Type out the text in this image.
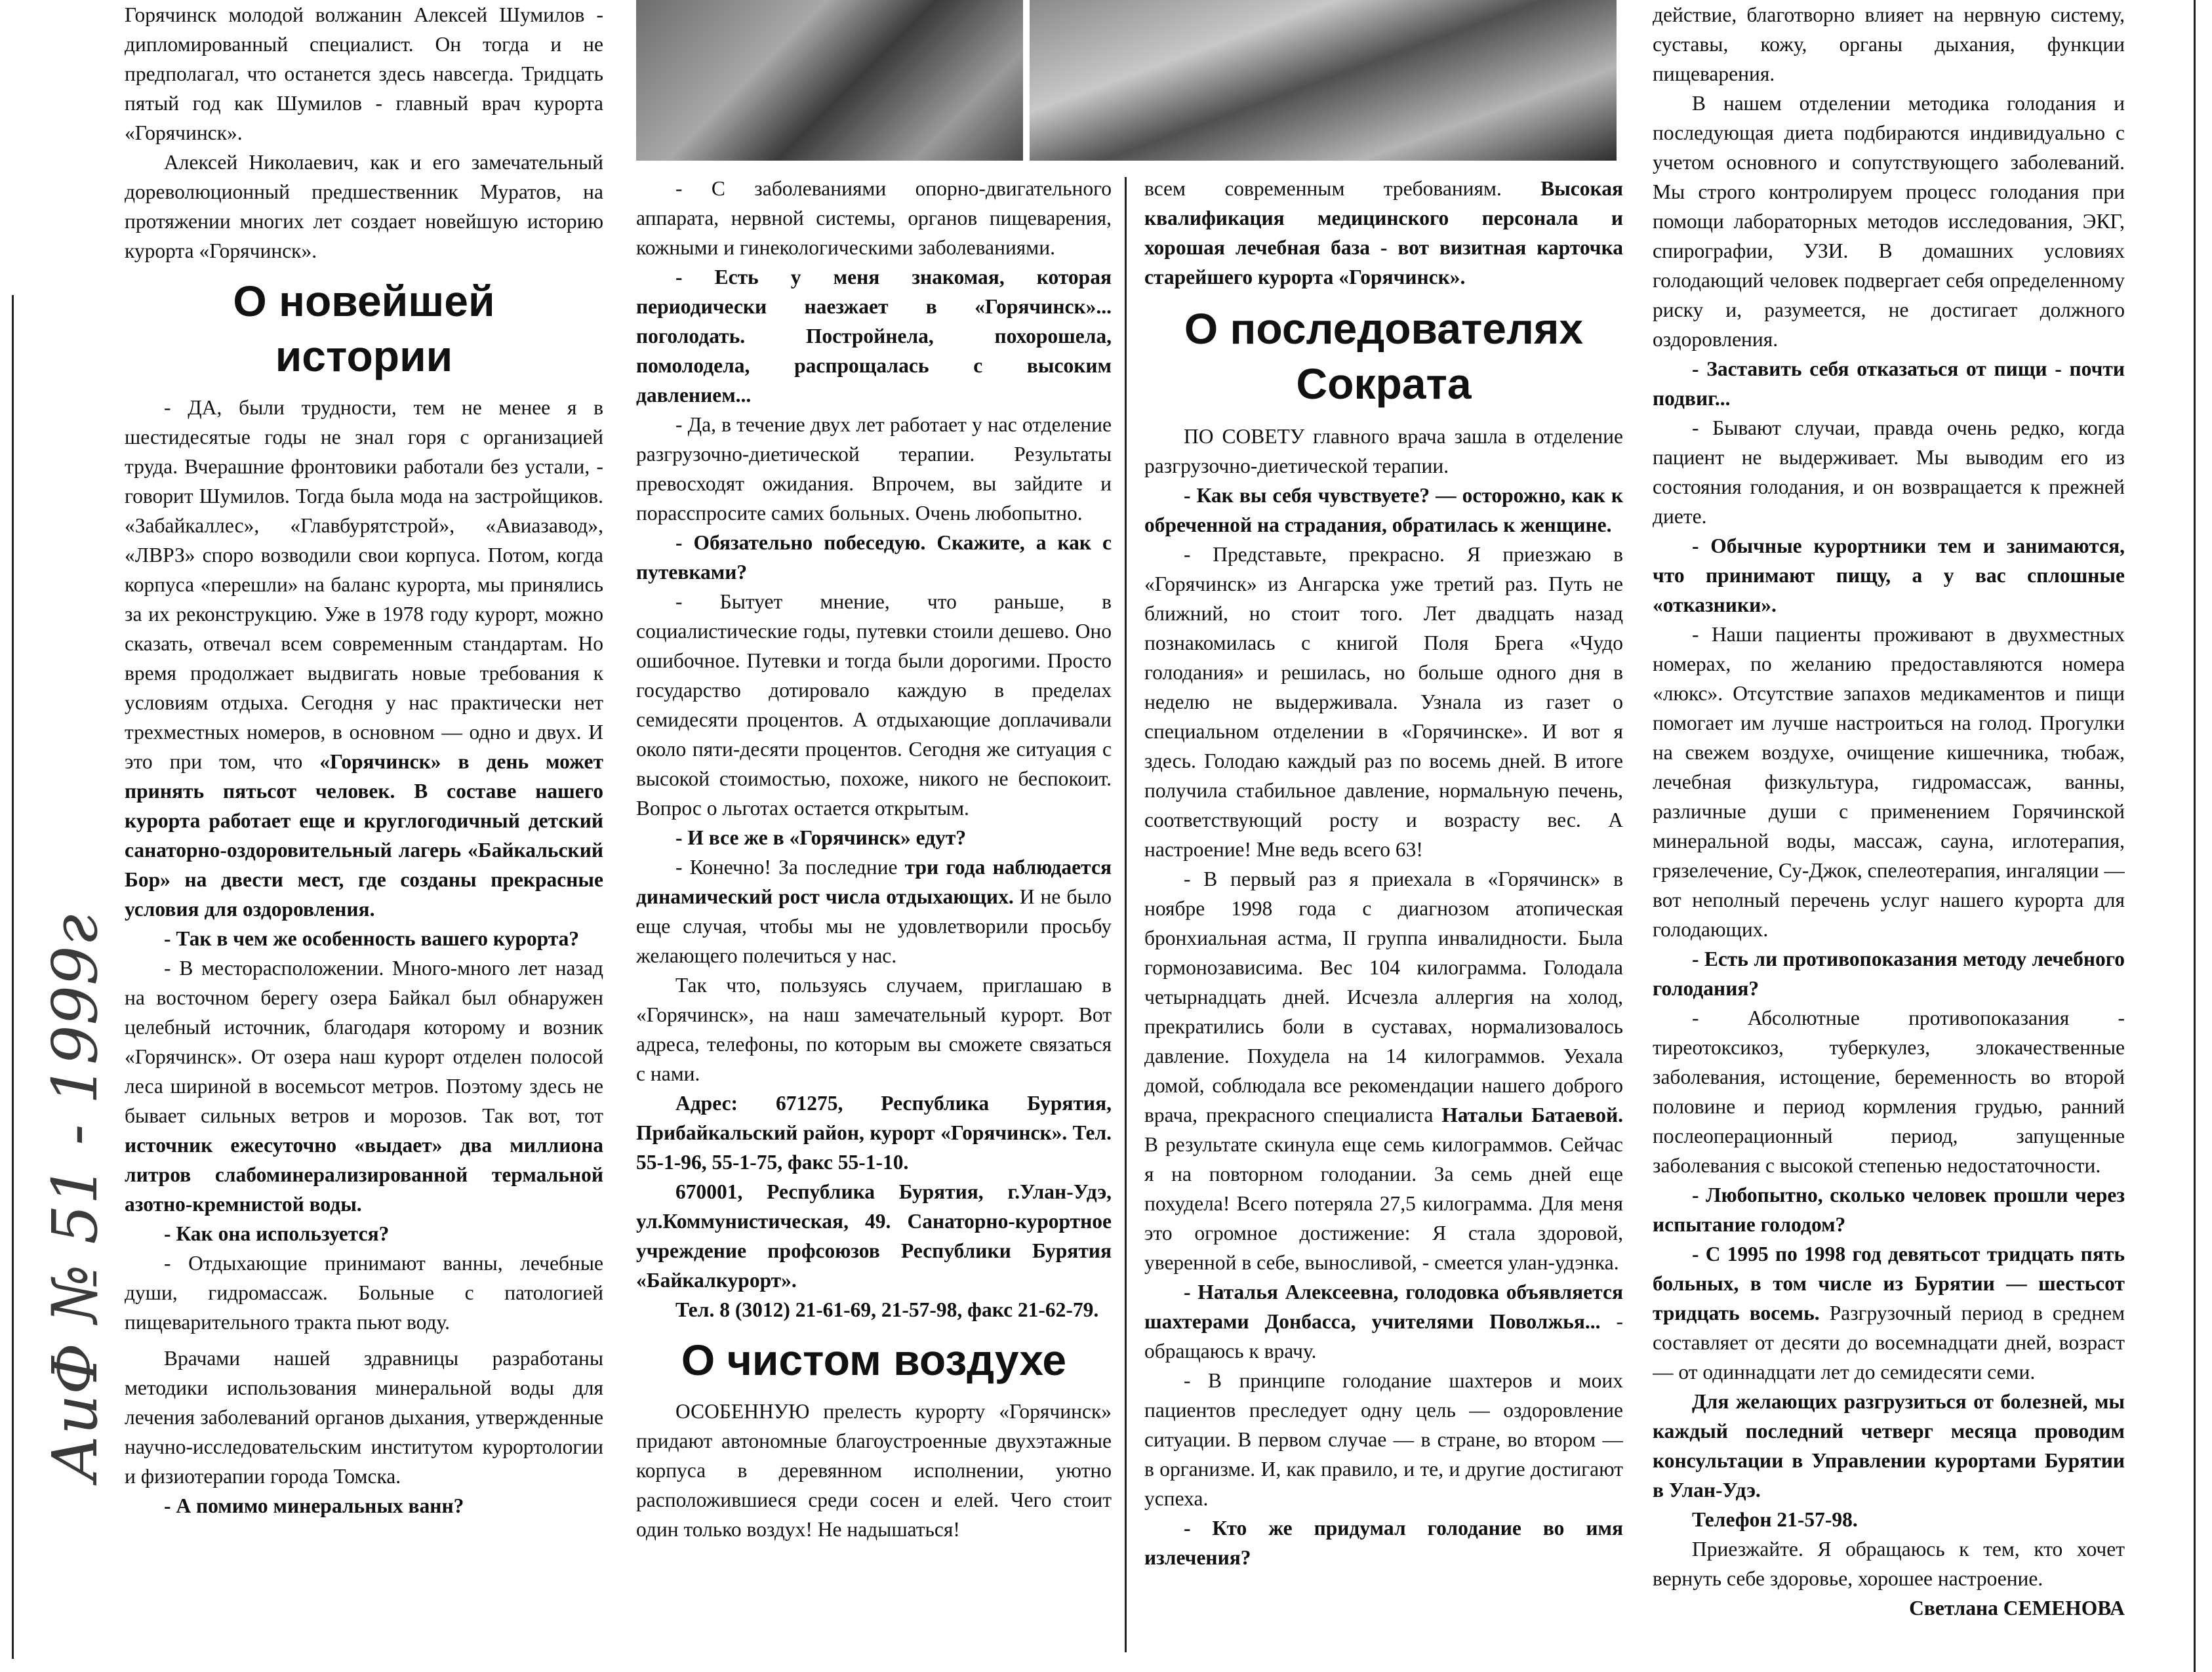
АиФ № 51 - 1999г

Горячинск молодой волжанин Алексей Шумилов - дипломированный специалист. Он тогда и не предполагал, что останется здесь навсегда. Тридцать пятый год как Шумилов - главный врач курорта «Горячинск».

Алексей Николаевич, как и его замечательный дореволюционный предшественник Муратов, на протяжении многих лет создает новейшую историю курорта «Горячинск».

О новейшей истории

- ДА, были трудности, тем не менее я в шестидесятые годы не знал горя с организацией труда. Вчерашние фронтовики работали без устали, - говорит Шумилов. Тогда была мода на застройщиков. «Забайкаллес», «Главбурятстрой», «Авиазавод», «ЛВРЗ» споро возводили свои корпуса. Потом, когда корпуса «перешли» на баланс курорта, мы принялись за их реконструкцию. Уже в 1978 году курорт, можно сказать, отвечал всем современным стандартам. Но время продолжает выдвигать новые требования к условиям отдыха. Сегодня у нас практически нет трехместных номеров, в основном — одно и двух. И это при том, что «Горячинск» в день может принять пятьсот человек. В составе нашего курорта работает еще и круглогодичный детский санаторно-оздоровительный лагерь «Байкальский Бор» на двести мест, где созданы прекрасные условия для оздоровления.

- Так в чем же особенность вашего курорта?

- В месторасположении. Много-много лет назад на восточном берегу озера Байкал был обнаружен целебный источник, благодаря которому и возник «Горячинск». От озера наш курорт отделен полосой леса шириной в восемьсот метров. Поэтому здесь не бывает сильных ветров и морозов. Так вот, тот источник ежесуточно «выдает» два миллиона литров слабоминерализированной термальной азотно-кремнистой воды.

- Как она используется?

- Отдыхающие принимают ванны, лечебные души, гидромассаж. Больные с патологией пищеварительного тракта пьют воду.

Врачами нашей здравницы разработаны методики использования минеральной воды для лечения заболеваний органов дыхания, утвержденные научно-исследовательским институтом курортологии и физиотерапии города Томска.

- А помимо минеральных ванн?

- С заболеваниями опорно-двигательного аппарата, нервной системы, органов пищеварения, кожными и гинекологическими заболеваниями.

- Есть у меня знакомая, которая периодически наезжает в «Горячинск»... поголодать. Постройнела, похорошела, помолодела, распрощалась с высоким давлением...

- Да, в течение двух лет работает у нас отделение разгрузочно-диетической терапии. Результаты превосходят ожидания. Впрочем, вы зайдите и порасспросите самих больных. Очень любопытно.

- Обязательно побеседую. Скажите, а как с путевками?

- Бытует мнение, что раньше, в социалистические годы, путевки стоили дешево. Оно ошибочное. Путевки и тогда были дорогими. Просто государство дотировало каждую в пределах семидесяти процентов. А отдыхающие доплачивали около пяти-десяти процентов. Сегодня же ситуация с высокой стоимостью, похоже, никого не беспокоит. Вопрос о льготах остается открытым.

- И все же в «Горячинск» едут?

- Конечно! За последние три года наблюдается динамический рост числа отдыхающих. И не было еще случая, чтобы мы не удовлетворили просьбу желающего полечиться у нас.

Так что, пользуясь случаем, приглашаю в «Горячинск», на наш замечательный курорт. Вот адреса, телефоны, по которым вы сможете связаться с нами.

Адрес: 671275, Республика Бурятия, Прибайкальский район, курорт «Горячинск». Тел. 55-1-96, 55-1-75, факс 55-1-10.

670001, Республика Бурятия, г.Улан-Удэ, ул.Коммунистическая, 49. Санаторно-курортное учреждение профсоюзов Республики Бурятия «Байкалкурорт».

Тел. 8 (3012) 21-61-69, 21-57-98, факс 21-62-79.

О чистом воздухе

ОСОБЕННУЮ прелесть курорту «Горячинск» придают автономные благоустроенные двухэтажные корпуса в деревянном исполнении, уютно расположившиеся среди сосен и елей. Чего стоит один только воздух! Не надышаться!

всем современным требованиям. Высокая квалификация медицинского персонала и хорошая лечебная база - вот визитная карточка старейшего курорта «Горячинск».

О последователях Сократа

ПО СОВЕТУ главного врача зашла в отделение разгрузочно-диетической терапии.

- Как вы себя чувствуете? — осторожно, как к обреченной на страдания, обратилась к женщине.

- Представьте, прекрасно. Я приезжаю в «Горячинск» из Ангарска уже третий раз. Путь не ближний, но стоит того. Лет двадцать назад познакомилась с книгой Поля Брега «Чудо голодания» и решилась, но больше одного дня в неделю не выдерживала. Узнала из газет о специальном отделении в «Горячинске». И вот я здесь. Голодаю каждый раз по восемь дней. В итоге получила стабильное давление, нормальную печень, соответствующий росту и возрасту вес. А настроение! Мне ведь всего 63!

- В первый раз я приехала в «Горячинск» в ноябре 1998 года с диагнозом атопическая бронхиальная астма, II группа инвалидности. Была гормонозависима. Вес 104 килограмма. Голодала четырнадцать дней. Исчезла аллергия на холод, прекратились боли в суставах, нормализовалось давление. Похудела на 14 килограммов. Уехала домой, соблюдала все рекомендации нашего доброго врача, прекрасного специалиста Натальи Батаевой. В результате скинула еще семь килограммов. Сейчас я на повторном голодании. За семь дней еще похудела! Всего потеряла 27,5 килограмма. Для меня это огромное достижение: Я стала здоровой, уверенной в себе, выносливой, - смеется улан-удэнка.

- Наталья Алексеевна, голодовка объявляется шахтерами Донбасса, учителями Поволжья... - обращаюсь к врачу.

- В принципе голодание шахтеров и моих пациентов преследует одну цель — оздоровление ситуации. В первом случае — в стране, во втором — в организме. И, как правило, и те, и другие достигают успеха.

- Кто же придумал голодание во имя излечения?

действие, благотворно влияет на нервную систему, суставы, кожу, органы дыхания, функции пищеварения.

В нашем отделении методика голодания и последующая диета подбираются индивидуально с учетом основного и сопутствующего заболеваний. Мы строго контролируем процесс голодания при помощи лабораторных методов исследования, ЭКГ, спирографии, УЗИ. В домашних условиях голодающий человек подвергает себя определенному риску и, разумеется, не достигает должного оздоровления.

- Заставить себя отказаться от пищи - почти подвиг...

- Бывают случаи, правда очень редко, когда пациент не выдерживает. Мы выводим его из состояния голодания, и он возвращается к прежней диете.

- Обычные курортники тем и занимаются, что принимают пищу, а у вас сплошные «отказники».

- Наши пациенты проживают в двухместных номерах, по желанию предоставляются номера «люкс». Отсутствие запахов медикаментов и пищи помогает им лучше настроиться на голод. Прогулки на свежем воздухе, очищение кишечника, тюбаж, лечебная физкультура, гидромассаж, ванны, различные души с применением Горячинской минеральной воды, массаж, сауна, иглотерапия, грязелечение, Су-Джок, спелеотерапия, ингаляции — вот неполный перечень услуг нашего курорта для голодающих.

- Есть ли противопоказания методу лечебного голодания?

- Абсолютные противопоказания - тиреотоксикоз, туберкулез, злокачественные заболевания, истощение, беременность во второй половине и период кормления грудью, ранний послеоперационный период, запущенные заболевания с высокой степенью недостаточности.

- Любопытно, сколько человек прошли через испытание голодом?

- С 1995 по 1998 год девятьсот тридцать пять больных, в том числе из Бурятии — шестьсот тридцать восемь. Разгрузочный период в среднем составляет от десяти до восемнадцати дней, возраст — от одиннадцати лет до семидесяти семи.

Для желающих разгрузиться от болезней, мы каждый последний четверг месяца проводим консультации в Управлении курортами Бурятии в Улан-Удэ.

Телефон 21-57-98.

Приезжайте. Я обращаюсь к тем, кто хочет вернуть себе здоровье, хорошее настроение.

Светлана СЕМЕНОВА
